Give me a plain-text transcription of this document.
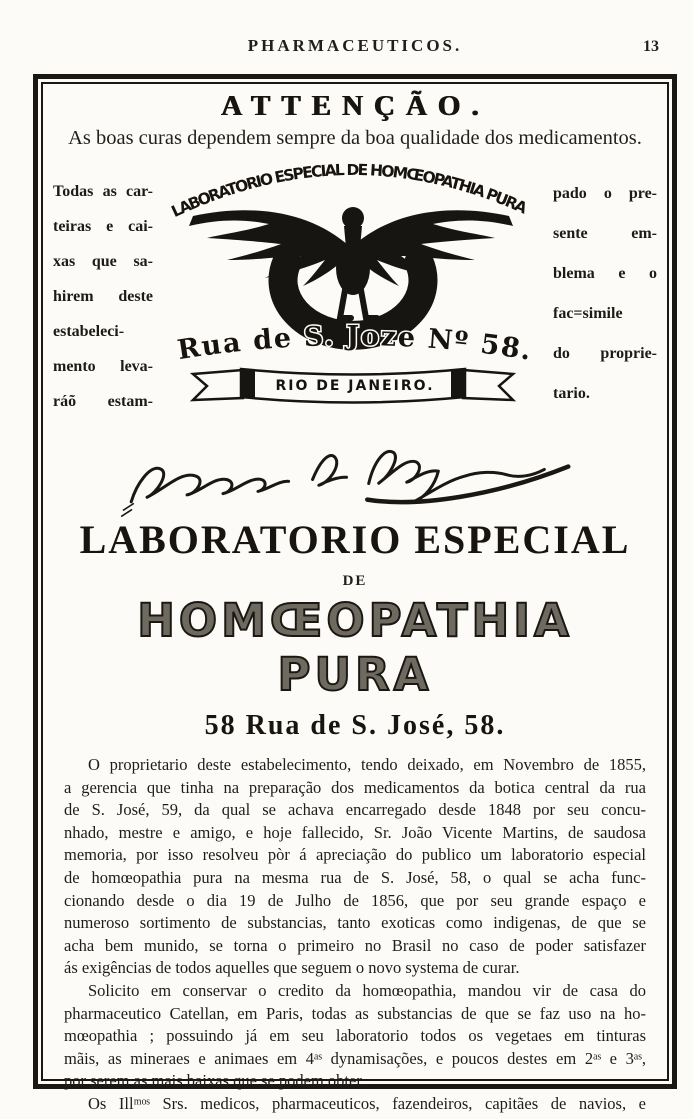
PHARMACEUTICOS.	13
ATTENÇÃO.
As boas curas dependem sempre da boa qualidade dos medicamentos.
Todas as car-
teiras e cai-
xas que sa-
hirem deste
estabeleci-
mento leva-
ráõ estam-
LABORATORIO ESPECIAL DE HOMŒOPATHIA PURA
Rua de S. Joze Nº 58.
RIO DE JANEIRO.
pado o pre-
sente em-
blema e o
fac=simile
do proprie-
tario.
LABORATORIO ESPECIAL
DE
HOMŒOPATHIA PURA
58 Rua de S. José, 58.
O proprietario deste estabelecimento, tendo deixado, em Novembro de 1855,
a gerencia que tinha na preparação dos medicamentos da botica central da rua
de S. José, 59, da qual se achava encarregado desde 1848 por seu concu-
nhado, mestre e amigo, e hoje fallecido, Sr. João Vicente Martins, de saudosa
memoria, por isso resolveu pòr á apreciação do publico um laboratorio especial
de homœopathia pura na mesma rua de S. José, 58, o qual se acha func-
cionando desde o dia 19 de Julho de 1856, que por seu grande espaço e
numeroso sortimento de substancias, tanto exoticas como indigenas, de que se
acha bem munido, se torna o primeiro no Brasil no caso de poder satisfazer
ás exigências de todos aquelles que seguem o novo systema de curar.
Solicito em conservar o credito da homœopathia, mandou vir de casa do
pharmaceutico Catellan, em Paris, todas as substancias de que se faz uso na ho-
mœopathia ; possuindo já em seu laboratorio todos os vegetaes em tinturas
mãis, as mineraes e animaes em 4ᵃˢ dynamisações, e poucos destes em 2ᵃˢ e 3ᵃˢ,
por serem as mais baixas que se podem obter.
Os Illᵐᵒˢ Srs. medicos, pharmaceuticos, fazendeiros, capitães de navios, e
